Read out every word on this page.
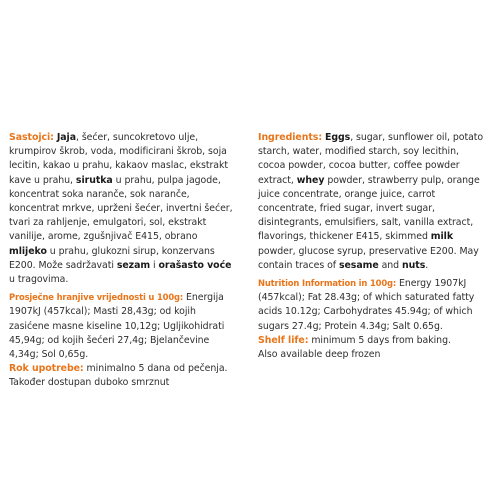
Sastojci: Jaja, šećer, suncokretovo ulje, krumpirov škrob, voda, modificirani škrob, soja lecitin, kakao u prahu, kakaov maslac, ekstrakt kave u prahu, sirutka u prahu, pulpa jagode, koncentrat soka naranče, sok naranče, koncentrat mrkve, uprženi šećer, invertni šećer, tvari za rahljenje, emulgatori, sol, ekstrakt vanilije, arome, zgušnjivač E415, obrano mlijeko u prahu, glukozni sirup, konzervans E200. Može sadržavati sezam i orašasto voće u tragovima.

Prosječne hranjive vrijednosti u 100g: Energija 1907kJ (457kcal); Masti 28,43g; od kojih zasićene masne kiseline 10,12g; Ugljikohidrati 45,94g; od kojih šećeri 27,4g; Bjelančevine 4,34g; Sol 0,65g.

Rok upotrebe: minimalno 5 dana od pečenja.

Također dostupan duboko smrznut

Ingredients: Eggs, sugar, sunflower oil, potato starch, water, modified starch, soy lecithin, cocoa powder, cocoa butter, coffee powder extract, whey powder, strawberry pulp, orange juice concentrate, orange juice, carrot concentrate, fried sugar, invert sugar, disintegrants, emulsifiers, salt, vanilla extract, flavorings, thickener E415, skimmed milk powder, glucose syrup, preservative E200. May contain traces of sesame and nuts.

Nutrition Information in 100g: Energy 1907kJ (457kcal); Fat 28.43g; of which saturated fatty acids 10.12g; Carbohydrates 45.94g; of which sugars 27.4g; Protein 4.34g; Salt 0.65g.

Shelf life: minimum 5 days from baking.

Also available deep frozen
